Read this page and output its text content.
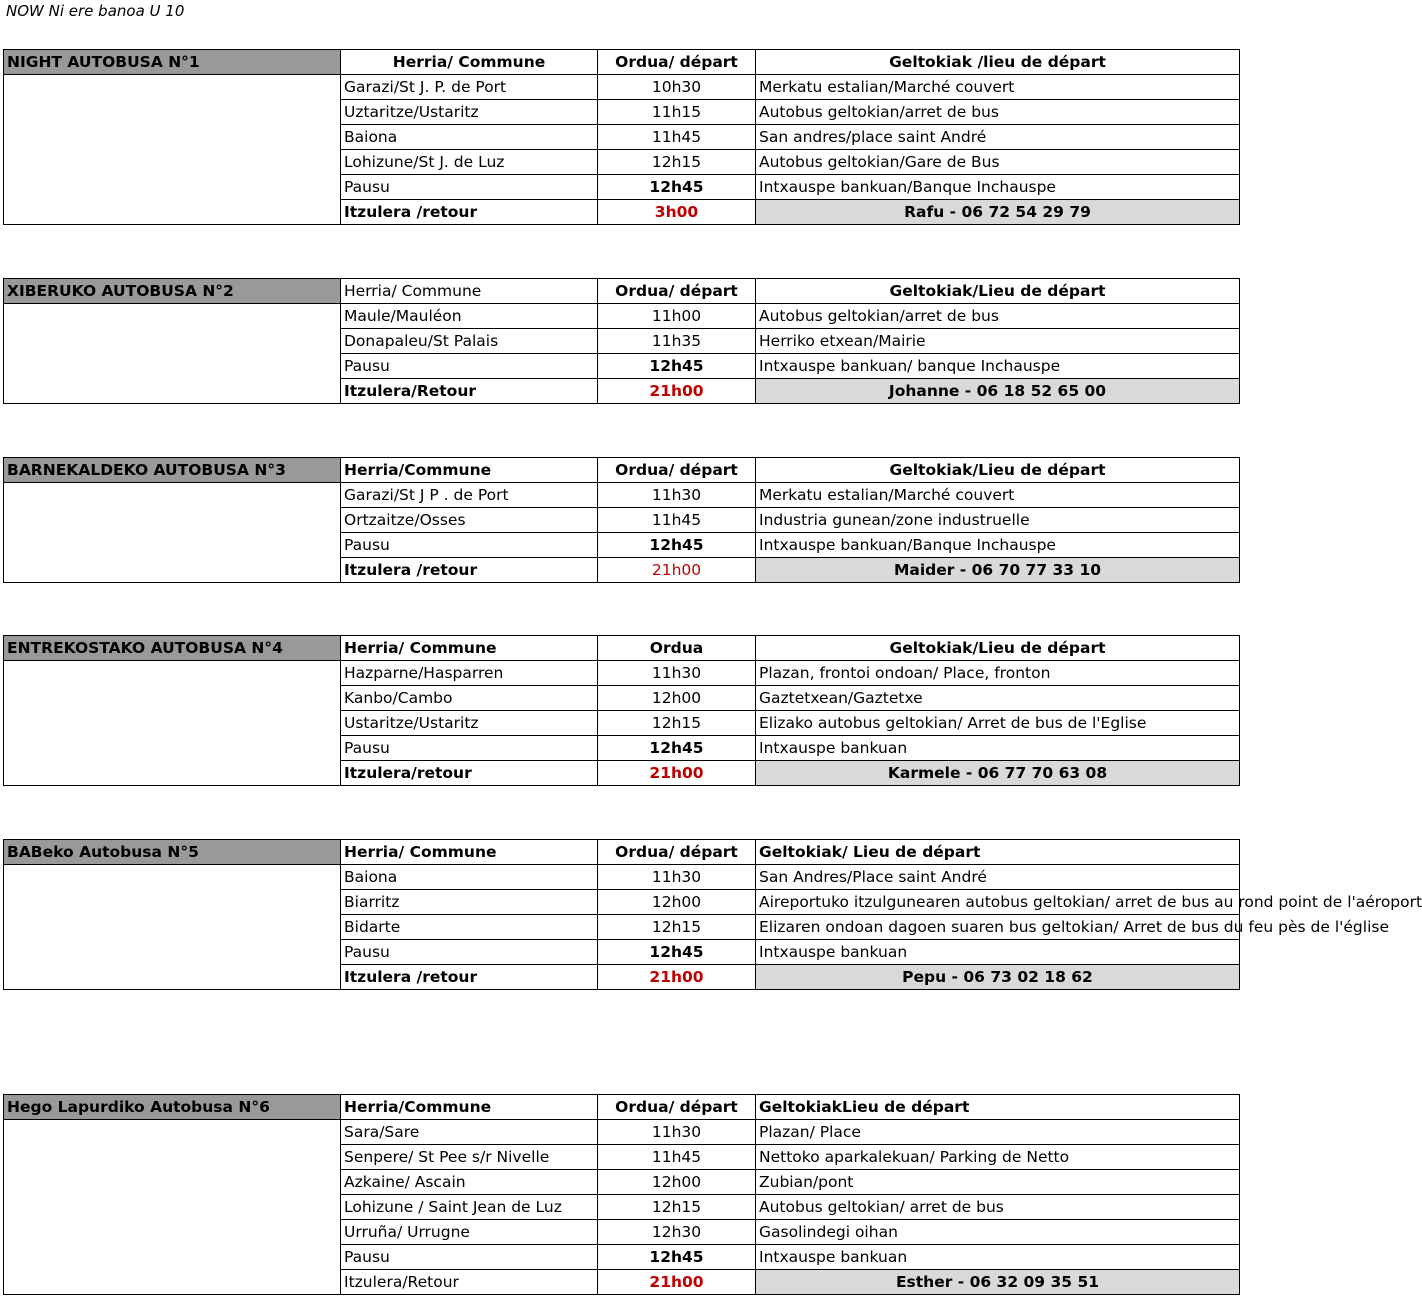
NOW Ni ere banoa U 10
NIGHT AUTOBUSA N°1	Herria/ Commune	Ordua/ départ	Geltokiak /lieu de départ
	Garazi/St J. P. de Port	10h30	Merkatu estalian/Marché couvert
	Uztaritze/Ustaritz	11h15	Autobus geltokian/arret de bus
	Baiona	11h45	San andres/place saint André
	Lohizune/St J. de Luz	12h15	Autobus geltokian/Gare de Bus
	Pausu	12h45	Intxauspe bankuan/Banque Inchauspe
	Itzulera /retour	3h00	Rafu - 06 72 54 29 79
XIBERUKO AUTOBUSA N°2	Herria/ Commune	Ordua/ départ	Geltokiak/Lieu de départ
	Maule/Mauléon	11h00	Autobus geltokian/arret de bus
	Donapaleu/St Palais	11h35	Herriko etxean/Mairie
	Pausu	12h45	Intxauspe bankuan/ banque Inchauspe
	Itzulera/Retour	21h00	Johanne - 06 18 52 65 00
BARNEKALDEKO AUTOBUSA N°3	Herria/Commune	Ordua/ départ	Geltokiak/Lieu de départ
	Garazi/St J P . de Port	11h30	Merkatu estalian/Marché couvert
	Ortzaitze/Osses	11h45	Industria gunean/zone industruelle
	Pausu	12h45	Intxauspe bankuan/Banque Inchauspe
	Itzulera /retour	21h00	Maider - 06 70 77 33 10
ENTREKOSTAKO AUTOBUSA N°4	Herria/ Commune	Ordua	Geltokiak/Lieu de départ
	Hazparne/Hasparren	11h30	Plazan, frontoi ondoan/ Place, fronton
	Kanbo/Cambo	12h00	Gaztetxean/Gaztetxe
	Ustaritze/Ustaritz	12h15	Elizako autobus geltokian/ Arret de bus de l'Eglise
	Pausu	12h45	Intxauspe bankuan
	Itzulera/retour	21h00	Karmele - 06 77 70 63 08
BABeko Autobusa N°5	Herria/ Commune	Ordua/ départ	Geltokiak/ Lieu de départ
	Baiona	11h30	San Andres/Place saint André
	Biarritz	12h00	Aireportuko itzulgunearen autobus geltokian/ arret de bus au rond point de l'aéroport
	Bidarte	12h15	Elizaren ondoan dagoen suaren bus geltokian/ Arret de bus du feu pès de l'église
	Pausu	12h45	Intxauspe bankuan
	Itzulera /retour	21h00	Pepu - 06 73 02 18 62
Hego Lapurdiko Autobusa N°6	Herria/Commune	Ordua/ départ	GeltokiakLieu de départ
	Sara/Sare	11h30	Plazan/ Place
	Senpere/ St Pee s/r Nivelle	11h45	Nettoko aparkalekuan/ Parking de Netto
	Azkaine/ Ascain	12h00	Zubian/pont
	Lohizune / Saint Jean de Luz	12h15	Autobus geltokian/ arret de bus
	Urruña/ Urrugne	12h30	Gasolindegi oihan
	Pausu	12h45	Intxauspe bankuan
	Itzulera/Retour	21h00	Esther - 06 32 09 35 51
